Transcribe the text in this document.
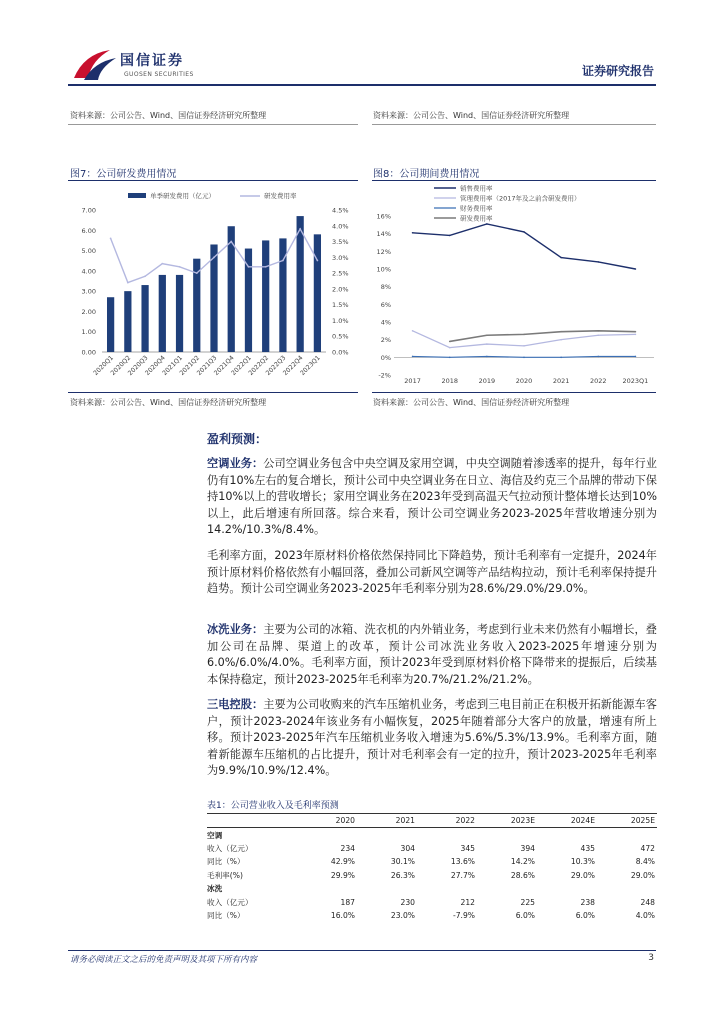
国信证券
GUOSEN SECURITIES	证券研究报告
资料来源：公司公告、Wind、国信证券经济研究所整理	资料来源：公司公告、Wind、国信证券经济研究所整理
图7：公司研发费用情况
单季研发费用（亿元）	研发费用率
0.00
1.00
2.00
3.00
4.00
5.00
6.00
7.00
0.0%
0.5%
1.0%
1.5%
2.0%
2.5%
3.0%
3.5%
4.0%
4.5%
2020Q1
2020Q2
2020Q3
2020Q4
2021Q1
2021Q2
2021Q3
2021Q4
2022Q1
2022Q2
2022Q3
2022Q4
2023Q1
资料来源：公司公告、Wind、国信证券经济研究所整理
图8：公司期间费用情况
销售费用率
管理费用率（2017年及之前含研发费用）
财务费用率
研发费用率
-2%
0%
2%
4%
6%
8%
10%
12%
14%
16%
2017	2018	2019	2020	2021	2022 2023Q1
资料来源：公司公告、Wind、国信证券经济研究所整理
盈利预测：
空调业务：公司空调业务包含中央空调及家用空调，中央空调随着渗透率的提升，每年行业仍有10%左右的复合增长，预计公司中央空调业务在日立、海信及约克三个品牌的带动下保持10%以上的营收增长；家用空调业务在2023年受到高温天气拉动预计整体增长达到10%以上，此后增速有所回落。综合来看，预计公司空调业务2023-2025年营收增速分别为14.2%/10.3%/8.4%。
毛利率方面，2023年原材料价格依然保持同比下降趋势，预计毛利率有一定提升，2024年预计原材料价格依然有小幅回落，叠加公司新风空调等产品结构拉动，预计毛利率保持提升趋势。预计公司空调业务2023-2025年毛利率分别为28.6%/29.0%/29.0%。
冰洗业务：主要为公司的冰箱、洗衣机的内外销业务，考虑到行业未来仍然有小幅增长，叠加公司在品牌、渠道上的改革，预计公司冰洗业务收入2023-2025年增速分别为6.0%/6.0%/4.0%。毛利率方面，预计2023年受到原材料价格下降带来的提振后，后续基本保持稳定，预计2023-2025年毛利率为20.7%/21.2%/21.2%。
三电控股：主要为公司收购来的汽车压缩机业务，考虑到三电目前正在积极开拓新能源车客户，预计2023-2024年该业务有小幅恢复，2025年随着部分大客户的放量，增速有所上移。预计2023-2025年汽车压缩机业务收入增速为5.6%/5.3%/13.9%。毛利率方面，随着新能源车压缩机的占比提升，预计对毛利率会有一定的拉升，预计2023-2025年毛利率为9.9%/10.9%/12.4%。
表1：公司营业收入及毛利率预测
	2020	2021	2022	2023E	2024E	2025E
空调						
收入（亿元）	234	304	345	394	435	472
同比（%）	42.9%	30.1%	13.6%	14.2%	10.3%	8.4%
毛利率(%)	29.9%	26.3%	27.7%	28.6%	29.0%	29.0%
冰洗						
收入（亿元）	187	230	212	225	238	248
同比（%）	16.0%	23.0%	-7.9%	6.0%	6.0%	4.0%
请务必阅读正文之后的免责声明及其项下所有内容	3
